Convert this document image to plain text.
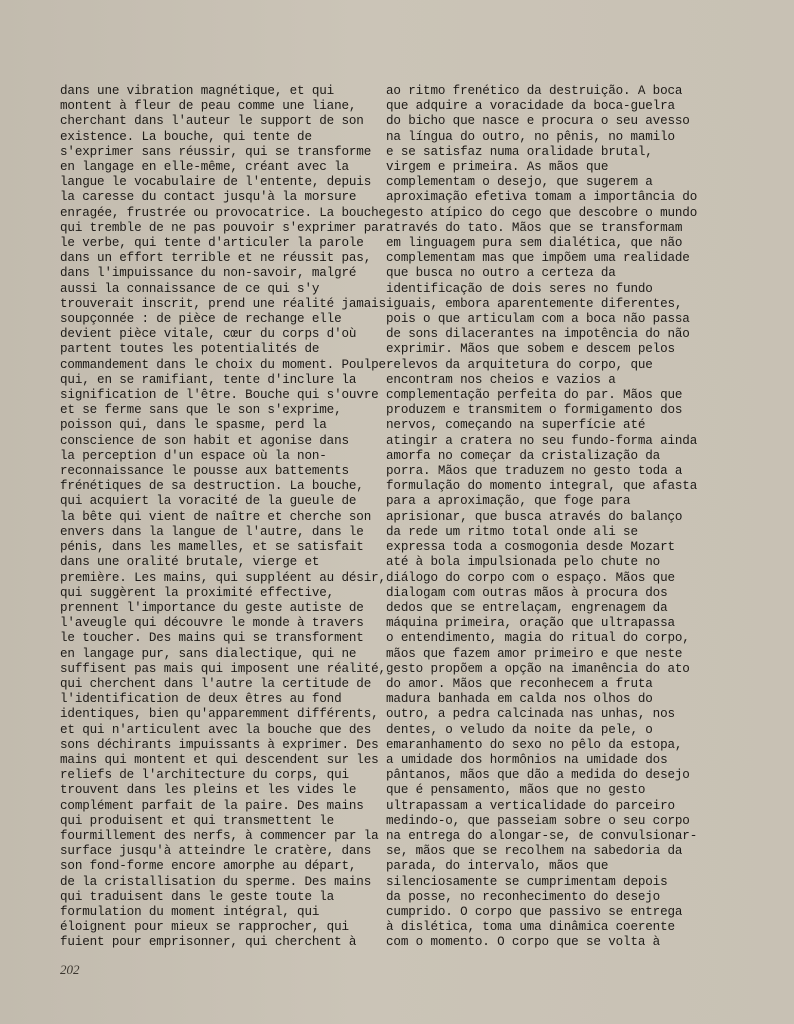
dans une vibration magnétique, et qui
montent à fleur de peau comme une liane,
cherchant dans l'auteur le support de son
existence. La bouche, qui tente de
s'exprimer sans réussir, qui se transforme
en langage en elle-même, créant avec la
langue le vocabulaire de l'entente, depuis
la caresse du contact jusqu'à la morsure
enragée, frustrée ou provocatrice. La bouche
qui tremble de ne pas pouvoir s'exprimer par
le verbe, qui tente d'articuler la parole
dans un effort terrible et ne réussit pas,
dans l'impuissance du non-savoir, malgré
aussi la connaissance de ce qui s'y
trouverait inscrit, prend une réalité jamais
soupçonnée : de pièce de rechange elle
devient pièce vitale, cœur du corps d'où
partent toutes les potentialités de
commandement dans le choix du moment. Poulpe
qui, en se ramifiant, tente d'inclure la
signification de l'être. Bouche qui s'ouvre
et se ferme sans que le son s'exprime,
poisson qui, dans le spasme, perd la
conscience de son habit et agonise dans
la perception d'un espace où la non-
reconnaissance le pousse aux battements
frénétiques de sa destruction. La bouche,
qui acquiert la voracité de la gueule de
la bête qui vient de naître et cherche son
envers dans la langue de l'autre, dans le
pénis, dans les mamelles, et se satisfait
dans une oralité brutale, vierge et
première. Les mains, qui suppléent au désir,
qui suggèrent la proximité effective,
prennent l'importance du geste autiste de
l'aveugle qui découvre le monde à travers
le toucher. Des mains qui se transforment
en langage pur, sans dialectique, qui ne
suffisent pas mais qui imposent une réalité,
qui cherchent dans l'autre la certitude de
l'identification de deux êtres au fond
identiques, bien qu'apparemment différents,
et qui n'articulent avec la bouche que des
sons déchirants impuissants à exprimer. Des
mains qui montent et qui descendent sur les
reliefs de l'architecture du corps, qui
trouvent dans les pleins et les vides le
complément parfait de la paire. Des mains
qui produisent et qui transmettent le
fourmillement des nerfs, à commencer par la
surface jusqu'à atteindre le cratère, dans
son fond-forme encore amorphe au départ,
de la cristallisation du sperme. Des mains
qui traduisent dans le geste toute la
formulation du moment intégral, qui
éloignent pour mieux se rapprocher, qui
fuient pour emprisonner, qui cherchent à
ao ritmo frenético da destruição. A boca
que adquire a voracidade da boca-guelra
do bicho que nasce e procura o seu avesso
na língua do outro, no pênis, no mamilo
e se satisfaz numa oralidade brutal,
virgem e primeira. As mãos que
complementam o desejo, que sugerem a
aproximação efetiva tomam a importância do
gesto atípico do cego que descobre o mundo
através do tato. Mãos que se transformam
em linguagem pura sem dialética, que não
complementam mas que impõem uma realidade
que busca no outro a certeza da
identificação de dois seres no fundo
iguais, embora aparentemente diferentes,
pois o que articulam com a boca não passa
de sons dilacerantes na impotência do não
exprimir. Mãos que sobem e descem pelos
relevos da arquitetura do corpo, que
encontram nos cheios e vazios a
complementação perfeita do par. Mãos que
produzem e transmitem o formigamento dos
nervos, começando na superfície até
atingir a cratera no seu fundo-forma ainda
amorfa no começar da cristalização da
porra. Mãos que traduzem no gesto toda a
formulação do momento integral, que afasta
para a aproximação, que foge para
aprisionar, que busca através do balanço
da rede um ritmo total onde ali se
expressa toda a cosmogonia desde Mozart
até à bola impulsionada pelo chute no
diálogo do corpo com o espaço. Mãos que
dialogam com outras mãos à procura dos
dedos que se entrelaçam, engrenagem da
máquina primeira, oração que ultrapassa
o entendimento, magia do ritual do corpo,
mãos que fazem amor primeiro e que neste
gesto propõem a opção na imanência do ato
do amor. Mãos que reconhecem a fruta
madura banhada em calda nos olhos do
outro, a pedra calcinada nas unhas, nos
dentes, o veludo da noite da pele, o
emaranhamento do sexo no pêlo da estopa,
a umidade dos hormônios na umidade dos
pântanos, mãos que dão a medida do desejo
que é pensamento, mãos que no gesto
ultrapassam a verticalidade do parceiro
medindo-o, que passeiam sobre o seu corpo
na entrega do alongar-se, de convulsionar-
se, mãos que se recolhem na sabedoria da
parada, do intervalo, mãos que
silenciosamente se cumprimentam depois
da posse, no reconhecimento do desejo
cumprido. O corpo que passivo se entrega
à dislética, toma uma dinâmica coerente
com o momento. O corpo que se volta à
202
